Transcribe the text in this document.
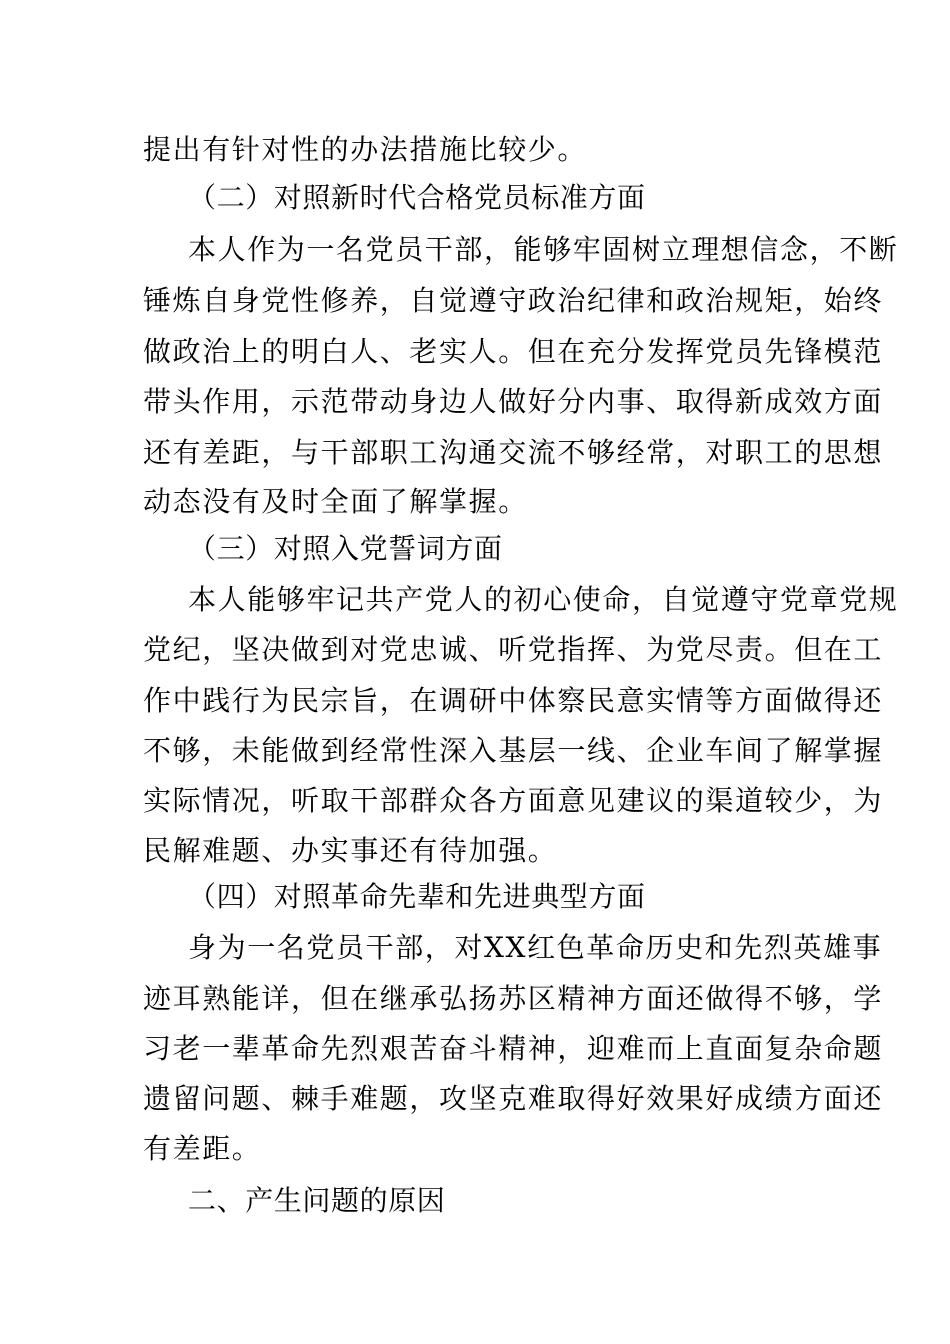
提出有针对性的办法措施比较少。
（二）对照新时代合格党员标准方面
本人作为一名党员干部，能够牢固树立理想信念，不断
锤炼自身党性修养，自觉遵守政治纪律和政治规矩，始终
做政治上的明白人、老实人。但在充分发挥党员先锋模范
带头作用，示范带动身边人做好分内事、取得新成效方面
还有差距，与干部职工沟通交流不够经常，对职工的思想
动态没有及时全面了解掌握。
（三）对照入党誓词方面
本人能够牢记共产党人的初心使命，自觉遵守党章党规
党纪，坚决做到对党忠诚、听党指挥、为党尽责。但在工
作中践行为民宗旨，在调研中体察民意实情等方面做得还
不够，未能做到经常性深入基层一线、企业车间了解掌握
实际情况，听取干部群众各方面意见建议的渠道较少，为
民解难题、办实事还有待加强。
（四）对照革命先辈和先进典型方面
身为一名党员干部，对XX红色革命历史和先烈英雄事
迹耳熟能详，但在继承弘扬苏区精神方面还做得不够，学
习老一辈革命先烈艰苦奋斗精神，迎难而上直面复杂命题
遗留问题、棘手难题，攻坚克难取得好效果好成绩方面还
有差距。
二、产生问题的原因
